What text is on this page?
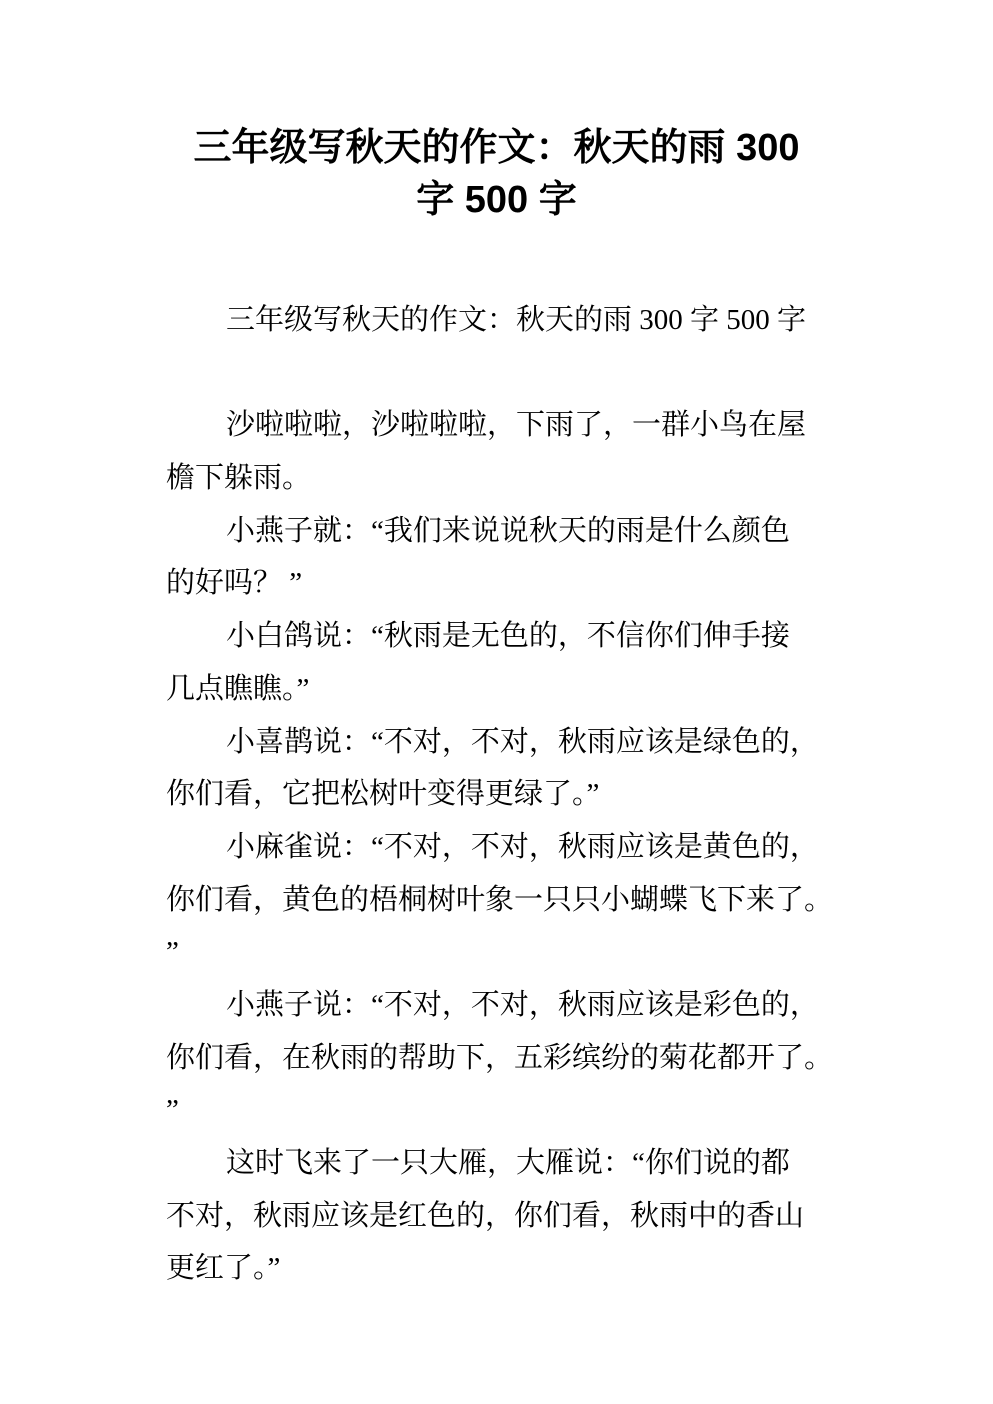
三年级写秋天的作文：秋天的雨 300
字 500 字
三年级写秋天的作文：秋天的雨 300 字 500 字
沙啦啦啦，沙啦啦啦，下雨了，一群小鸟在屋
檐下躲雨。
小燕子就：“我们来说说秋天的雨是什么颜色
的好吗？ ”
小白鸽说：“秋雨是无色的，不信你们伸手接
几点瞧瞧。”
小喜鹊说：“不对，不对，秋雨应该是绿色的，
你们看，它把松树叶变得更绿了。”
小麻雀说：“不对，不对，秋雨应该是黄色的，
你们看，黄色的梧桐树叶象一只只小蝴蝶飞下来了。
”
小燕子说：“不对，不对，秋雨应该是彩色的，
你们看，在秋雨的帮助下，五彩缤纷的菊花都开了。
”
这时飞来了一只大雁，大雁说：“你们说的都
不对，秋雨应该是红色的，你们看，秋雨中的香山
更红了。”
